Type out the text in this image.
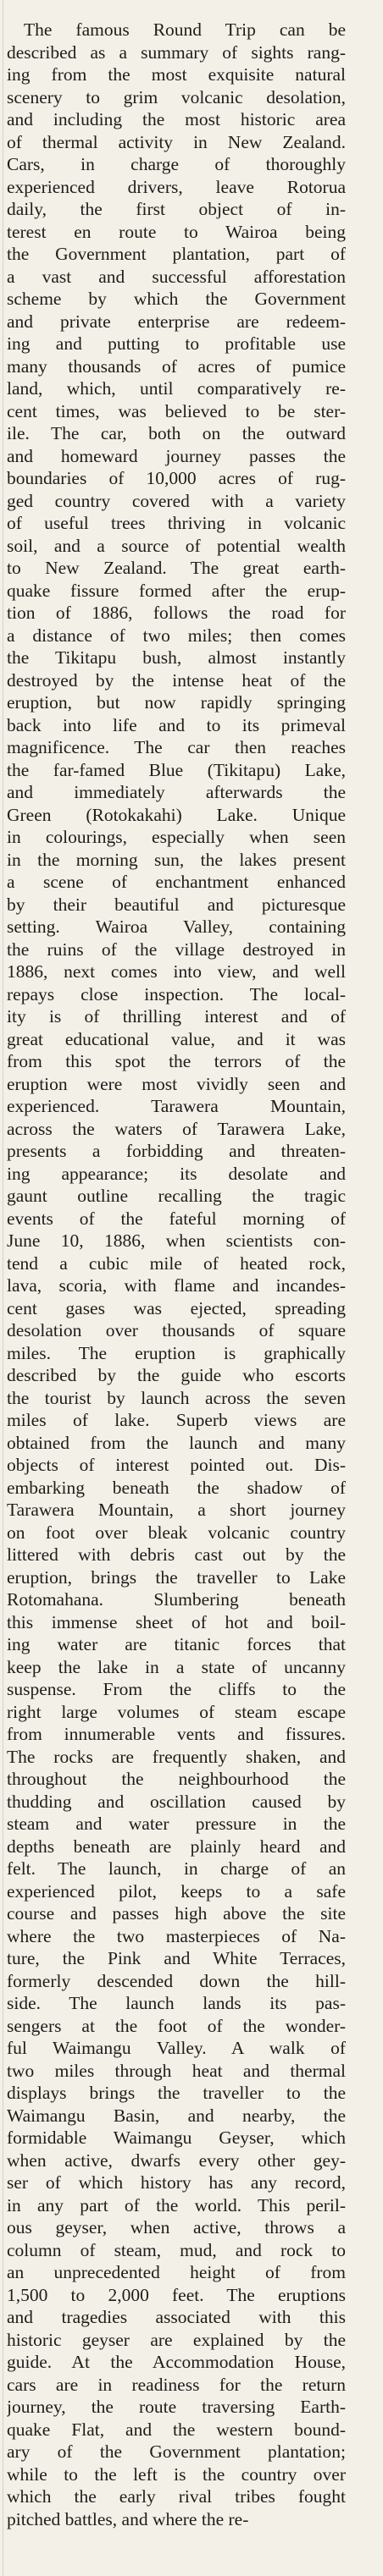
The famous Round Trip can be
described as a summary of sights rang-
ing from the most exquisite natural
scenery to grim volcanic desolation,
and including the most historic area
of thermal activity in New Zealand.
Cars, in charge of thoroughly
experienced drivers, leave Rotorua
daily, the first object of in-
terest en route to Wairoa being
the Government plantation, part of
a vast and successful afforestation
scheme by which the Government
and private enterprise are redeem-
ing and putting to profitable use
many thousands of acres of pumice
land, which, until comparatively re-
cent times, was believed to be ster-
ile. The car, both on the outward
and homeward journey passes the
boundaries of 10,000 acres of rug-
ged country covered with a variety
of useful trees thriving in volcanic
soil, and a source of potential wealth
to New Zealand. The great earth-
quake fissure formed after the erup-
tion of 1886, follows the road for
a distance of two miles; then comes
the Tikitapu bush, almost instantly
destroyed by the intense heat of the
eruption, but now rapidly springing
back into life and to its primeval
magnificence. The car then reaches
the far-famed Blue (Tikitapu) Lake,
and immediately afterwards the
Green (Rotokakahi) Lake. Unique
in colourings, especially when seen
in the morning sun, the lakes present
a scene of enchantment enhanced
by their beautiful and picturesque
setting. Wairoa Valley, containing
the ruins of the village destroyed in
1886, next comes into view, and well
repays close inspection. The local-
ity is of thrilling interest and of
great educational value, and it was
from this spot the terrors of the
eruption were most vividly seen and
experienced. Tarawera Mountain,
across the waters of Tarawera Lake,
presents a forbidding and threaten-
ing appearance; its desolate and
gaunt outline recalling the tragic
events of the fateful morning of
June 10, 1886, when scientists con-
tend a cubic mile of heated rock,
lava, scoria, with flame and incandes-
cent gases was ejected, spreading
desolation over thousands of square
miles. The eruption is graphically
described by the guide who escorts
the tourist by launch across the seven
miles of lake. Superb views are
obtained from the launch and many
objects of interest pointed out. Dis-
embarking beneath the shadow of
Tarawera Mountain, a short journey
on foot over bleak volcanic country
littered with debris cast out by the
eruption, brings the traveller to Lake
Rotomahana. Slumbering beneath
this immense sheet of hot and boil-
ing water are titanic forces that
keep the lake in a state of uncanny
suspense. From the cliffs to the
right large volumes of steam escape
from innumerable vents and fissures.
The rocks are frequently shaken, and
throughout the neighbourhood the
thudding and oscillation caused by
steam and water pressure in the
depths beneath are plainly heard and
felt. The launch, in charge of an
experienced pilot, keeps to a safe
course and passes high above the site
where the two masterpieces of Na-
ture, the Pink and White Terraces,
formerly descended down the hill-
side. The launch lands its pas-
sengers at the foot of the wonder-
ful Waimangu Valley. A walk of
two miles through heat and thermal
displays brings the traveller to the
Waimangu Basin, and nearby, the
formidable Waimangu Geyser, which
when active, dwarfs every other gey-
ser of which history has any record,
in any part of the world. This peril-
ous geyser, when active, throws a
column of steam, mud, and rock to
an unprecedented height of from
1,500 to 2,000 feet. The eruptions
and tragedies associated with this
historic geyser are explained by the
guide. At the Accommodation House,
cars are in readiness for the return
journey, the route traversing Earth-
quake Flat, and the western bound-
ary of the Government plantation;
while to the left is the country over
which the early rival tribes fought
pitched battles, and where the re-
